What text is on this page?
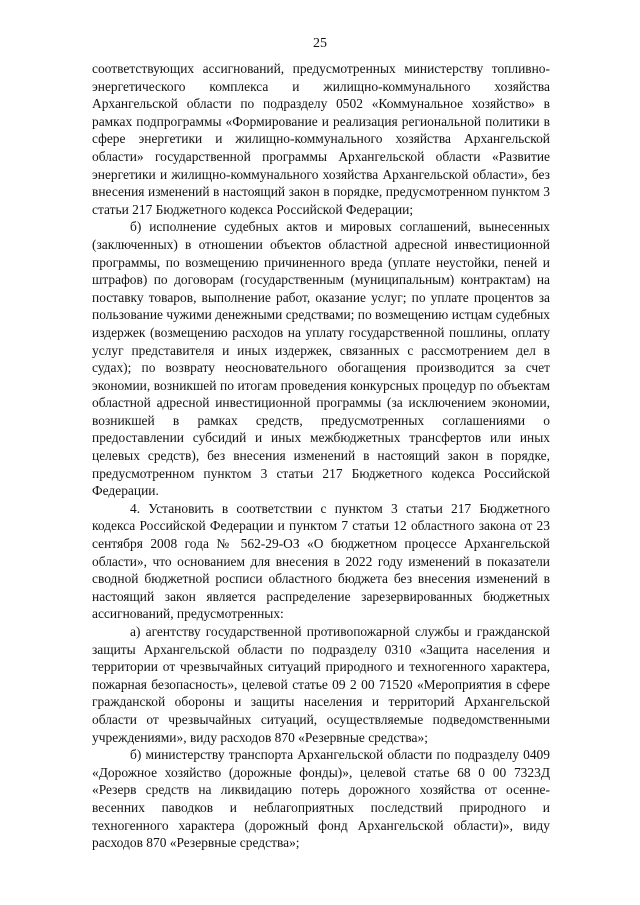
25

соответствующих ассигнований, предусмотренных министерству топливно-энергетического комплекса и жилищно-коммунального хозяйства Архангельской области по подразделу 0502 «Коммунальное хозяйство» в рамках подпрограммы «Формирование и реализация региональной политики в сфере энергетики и жилищно-коммунального хозяйства Архангельской области» государственной программы Архангельской области «Развитие энергетики и жилищно-коммунального хозяйства Архангельской области», без внесения изменений в настоящий закон в порядке, предусмотренном пунктом 3 статьи 217 Бюджетного кодекса Российской Федерации;

б) исполнение судебных актов и мировых соглашений, вынесенных (заключенных) в отношении объектов областной адресной инвестиционной программы, по возмещению причиненного вреда (уплате неустойки, пеней и штрафов) по договорам (государственным (муниципальным) контрактам) на поставку товаров, выполнение работ, оказание услуг; по уплате процентов за пользование чужими денежными средствами; по возмещению истцам судебных издержек (возмещению расходов на уплату государственной пошлины, оплату услуг представителя и иных издержек, связанных с рассмотрением дел в судах); по возврату неосновательного обогащения производится за счет экономии, возникшей по итогам проведения конкурсных процедур по объектам областной адресной инвестиционной программы (за исключением экономии, возникшей в рамках средств, предусмотренных соглашениями о предоставлении субсидий и иных межбюджетных трансфертов или иных целевых средств), без внесения изменений в настоящий закон в порядке, предусмотренном пунктом 3 статьи 217 Бюджетного кодекса Российской Федерации.

4. Установить в соответствии с пунктом 3 статьи 217 Бюджетного кодекса Российской Федерации и пунктом 7 статьи 12 областного закона от 23 сентября 2008 года № 562-29-ОЗ «О бюджетном процессе Архангельской области», что основанием для внесения в 2022 году изменений в показатели сводной бюджетной росписи областного бюджета без внесения изменений в настоящий закон является распределение зарезервированных бюджетных ассигнований, предусмотренных:

а) агентству государственной противопожарной службы и гражданской защиты Архангельской области по подразделу 0310 «Защита населения и территории от чрезвычайных ситуаций природного и техногенного характера, пожарная безопасность», целевой статье 09 2 00 71520 «Мероприятия в сфере гражданской обороны и защиты населения и территорий Архангельской области от чрезвычайных ситуаций, осуществляемые подведомственными учреждениями», виду расходов 870 «Резервные средства»;

б) министерству транспорта Архангельской области по подразделу 0409 «Дорожное хозяйство (дорожные фонды)», целевой статье 68 0 00 7323Д «Резерв средств на ликвидацию потерь дорожного хозяйства от осенне-весенних паводков и неблагоприятных последствий природного и техногенного характера (дорожный фонд Архангельской области)», виду расходов 870 «Резервные средства»;
